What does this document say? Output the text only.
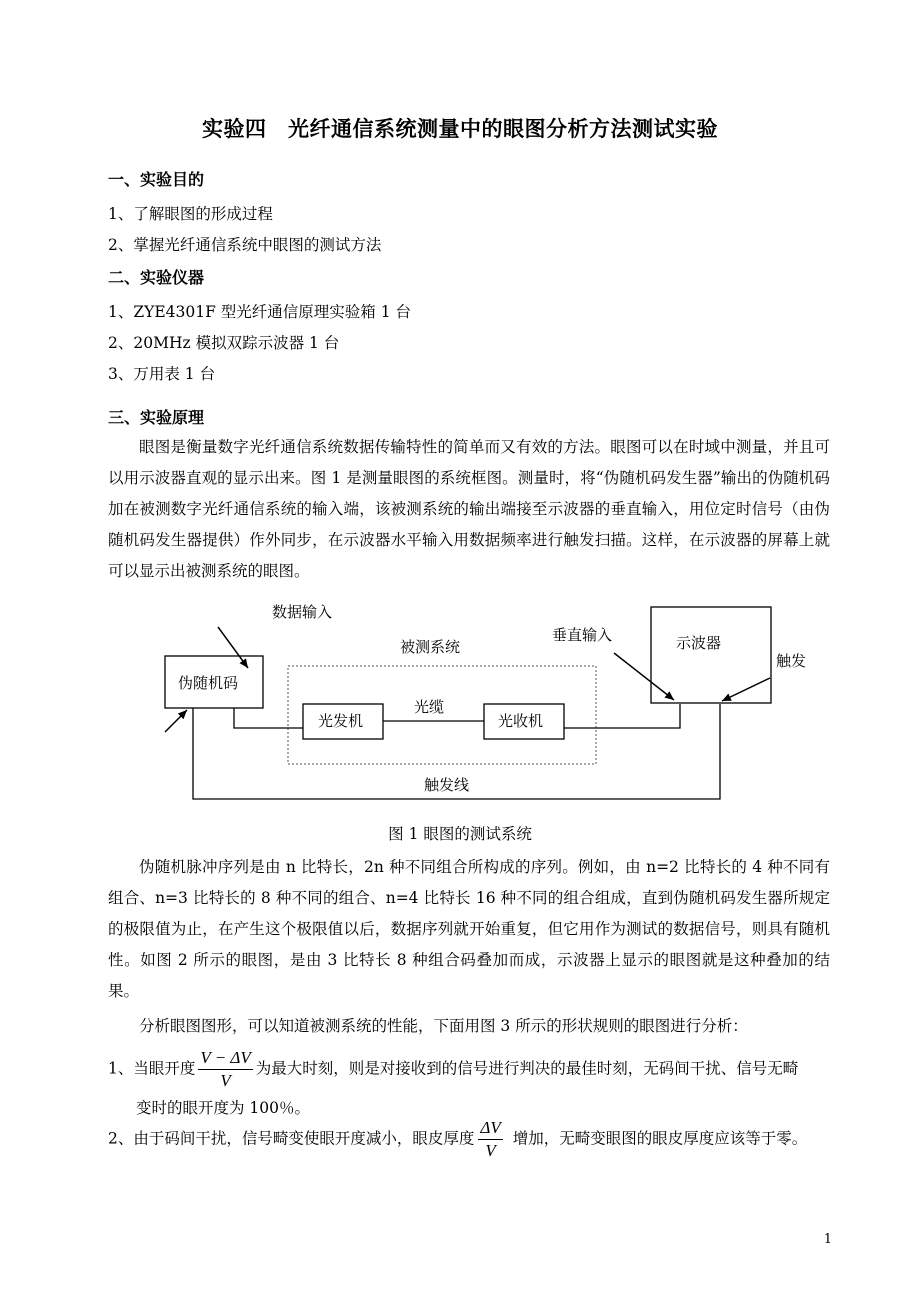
实验四　光纤通信系统测量中的眼图分析方法测试实验
一、实验目的
1、了解眼图的形成过程
2、掌握光纤通信系统中眼图的测试方法
二、实验仪器
1、ZYE4301F 型光纤通信原理实验箱 1 台
2、20MHz 模拟双踪示波器 1 台
3、万用表 1 台
三、实验原理
眼图是衡量数字光纤通信系统数据传输特性的简单而又有效的方法。眼图可以在时域中测量，并且可以用示波器直观的显示出来。图 1 是测量眼图的系统框图。测量时，将“伪随机码发生器”输出的伪随机码加在被测数字光纤通信系统的输入端，该被测系统的输出端接至示波器的垂直输入，用位定时信号（由伪随机码发生器提供）作外同步，在示波器水平输入用数据频率进行触发扫描。这样，在示波器的屏幕上就可以显示出被测系统的眼图。
数据输入
伪随机码
被测系统
光发机	光收机
光缆
示波器
垂直输入
触发
触发线
图 1 眼图的测试系统
伪随机脉冲序列是由 n 比特长，2n 种不同组合所构成的序列。例如，由 n=2 比特长的 4 种不同有组合、n=3 比特长的 8 种不同的组合、n=4 比特长 16 种不同的组合组成，直到伪随机码发生器所规定的极限值为止，在产生这个极限值以后，数据序列就开始重复，但它用作为测试的数据信号，则具有随机性。如图 2 所示的眼图，是由 3 比特长 8 种组合码叠加而成，示波器上显示的眼图就是这种叠加的结果。
分析眼图图形，可以知道被测系统的性能，下面用图 3 所示的形状规则的眼图进行分析：
1、当眼开度 $\frac{V - \Delta V}{V}$ 为最大时刻，则是对接收到的信号进行判决的最佳时刻，无码间干扰、信号无畸
变时的眼开度为 100％。
2、由于码间干扰，信号畸变使眼开度减小，眼皮厚度 $\frac{\Delta V}{V}$ 增加，无畸变眼图的眼皮厚度应该等于零。
1
